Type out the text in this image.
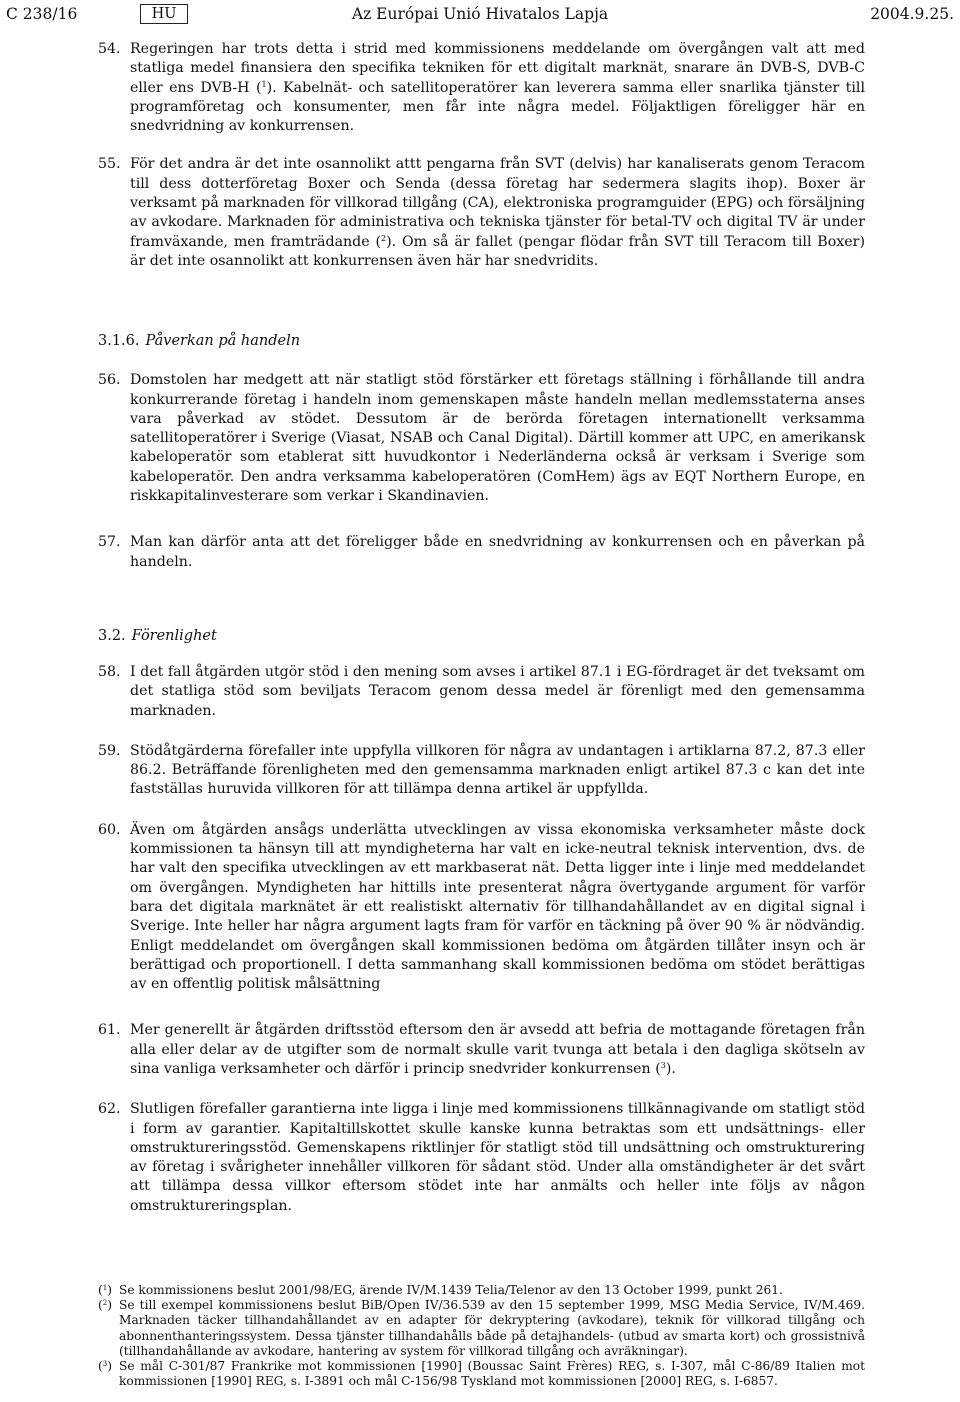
C 238/16	HU	Az Európai Unió Hivatalos Lapja	2004.9.25.
54. Regeringen har trots detta i strid med kommissionens meddelande om övergången valt att med statliga medel finansiera den specifika tekniken för ett digitalt marknät, snarare än DVB-S, DVB-C eller ens DVB-H ($^1$). Kabelnät- och satellitoperatörer kan leverera samma eller snarlika tjänster till programföretag och konsumenter, men får inte några medel. Följaktligen föreligger här en snedvridning av konkurrensen.
55. För det andra är det inte osannolikt attt pengarna från SVT (delvis) har kanaliserats genom Teracom till dess dotterföretag Boxer och Senda (dessa företag har sedermera slagits ihop). Boxer är verksamt på marknaden för villkorad tillgång (CA), elektroniska programguider (EPG) och försäljning av avkodare. Marknaden för administrativa och tekniska tjänster för betal-TV och digital TV är under framväxande, men framträdande ($^2$). Om så är fallet (pengar flödar från SVT till Teracom till Boxer) är det inte osannolikt att konkurrensen även här har snedvridits.
3.1.6. Påverkan på handeln
56. Domstolen har medgett att när statligt stöd förstärker ett företags ställning i förhållande till andra konkurrerande företag i handeln inom gemenskapen måste handeln mellan medlemsstaterna anses vara påverkad av stödet. Dessutom är de berörda företagen internationellt verksamma satellitoperatörer i Sverige (Viasat, NSAB och Canal Digital). Därtill kommer att UPC, en amerikansk kabeloperatör som etablerat sitt huvudkontor i Nederländerna också är verksam i Sverige som kabeloperatör. Den andra verksamma kabeloperatören (ComHem) ägs av EQT Northern Europe, en riskkapitalinvesterare som verkar i Skandinavien.
57. Man kan därför anta att det föreligger både en snedvridning av konkurrensen och en påverkan på handeln.
3.2. Förenlighet
58. I det fall åtgärden utgör stöd i den mening som avses i artikel 87.1 i EG-fördraget är det tveksamt om det statliga stöd som beviljats Teracom genom dessa medel är förenligt med den gemensamma marknaden.
59. Stödåtgärderna förefaller inte uppfylla villkoren för några av undantagen i artiklarna 87.2, 87.3 eller 86.2. Beträffande förenligheten med den gemensamma marknaden enligt artikel 87.3 c kan det inte fastställas huruvida villkoren för att tillämpa denna artikel är uppfyllda.
60. Även om åtgärden ansågs underlätta utvecklingen av vissa ekonomiska verksamheter måste dock kommissionen ta hänsyn till att myndigheterna har valt en icke-neutral teknisk intervention, dvs. de har valt den specifika utvecklingen av ett markbaserat nät. Detta ligger inte i linje med meddelandet om övergången. Myndigheten har hittills inte presenterat några övertygande argument för varför bara det digitala marknätet är ett realistiskt alternativ för tillhandahållandet av en digital signal i Sverige. Inte heller har några argument lagts fram för varför en täckning på över 90 % är nödvändig. Enligt meddelandet om övergången skall kommissionen bedöma om åtgärden tillåter insyn och är berättigad och proportionell. I detta sammanhang skall kommissionen bedöma om stödet berättigas av en offentlig politisk målsättning
61. Mer generellt är åtgärden driftsstöd eftersom den är avsedd att befria de mottagande företagen från alla eller delar av de utgifter som de normalt skulle varit tvunga att betala i den dagliga skötseln av sina vanliga verksamheter och därför i princip snedvrider konkurrensen ($^3$).
62. Slutligen förefaller garantierna inte ligga i linje med kommissionens tillkännagivande om statligt stöd i form av garantier. Kapitaltillskottet skulle kanske kunna betraktas som ett undsättnings- eller omstruktureringsstöd. Gemenskapens riktlinjer för statligt stöd till undsättning och omstrukturering av företag i svårigheter innehåller villkoren för sådant stöd. Under alla omständigheter är det svårt att tillämpa dessa villkor eftersom stödet inte har anmälts och heller inte följs av någon omstruktureringsplan.
($^1$) Se kommissionens beslut 2001/98/EG, ärende IV/M.1439 Telia/Telenor av den 13 October 1999, punkt 261.
($^2$) Se till exempel kommissionens beslut BiB/Open IV/36.539 av den 15 september 1999, MSG Media Service, IV/M.469. Marknaden täcker tillhandahållandet av en adapter för dekryptering (avkodare), teknik för villkorad tillgång och abonnenthanteringssystem. Dessa tjänster tillhandahålls både på detajhandels- (utbud av smarta kort) och grossistnivå (tillhandahållande av avkodare, hantering av system för villkorad tillgång och avräkningar).
($^3$) Se mål C-301/87 Frankrike mot kommissionen [1990] (Boussac Saint Frères) REG, s. I-307, mål C-86/89 Italien mot kommissionen [1990] REG, s. I-3891 och mål C-156/98 Tyskland mot kommissionen [2000] REG, s. I-6857.
